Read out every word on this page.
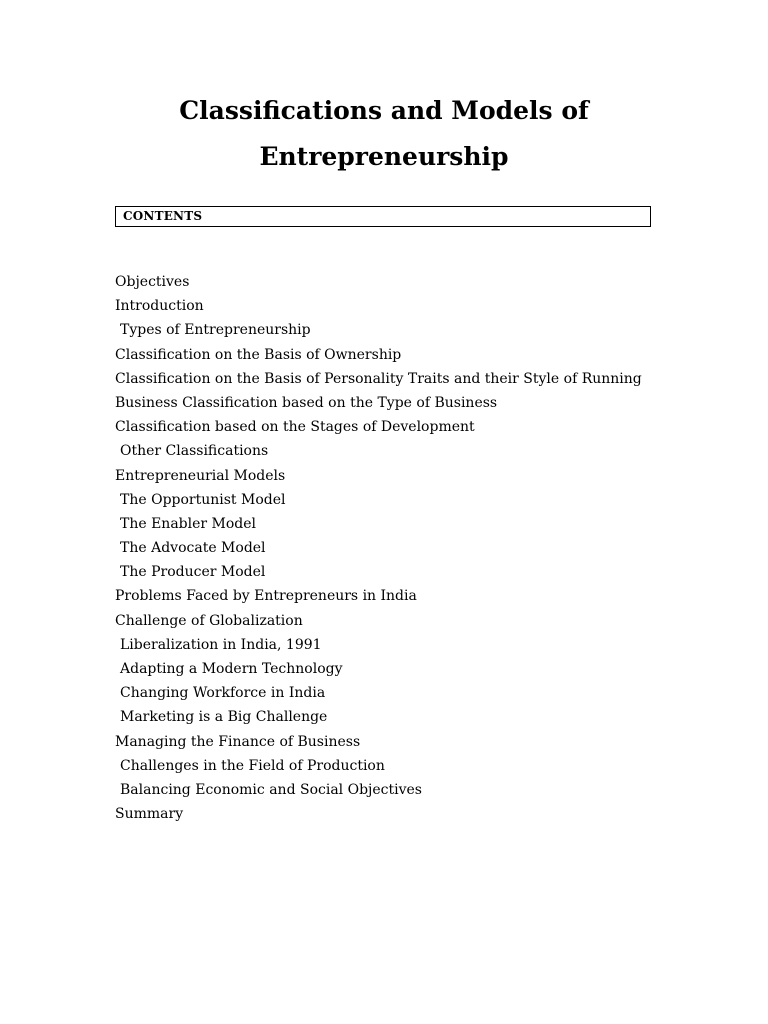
Classifications and Models of
Entrepreneurship
CONTENTS
Objectives
Introduction
Types of Entrepreneurship
Classification on the Basis of Ownership
Classification on the Basis of Personality Traits and their Style of Running
Business Classification based on the Type of Business
Classification based on the Stages of Development
Other Classifications
Entrepreneurial Models
The Opportunist Model
The Enabler Model
The Advocate Model
The Producer Model
Problems Faced by Entrepreneurs in India
Challenge of Globalization
Liberalization in India, 1991
Adapting a Modern Technology
Changing Workforce in India
Marketing is a Big Challenge
Managing the Finance of Business
Challenges in the Field of Production
Balancing Economic and Social Objectives
Summary
